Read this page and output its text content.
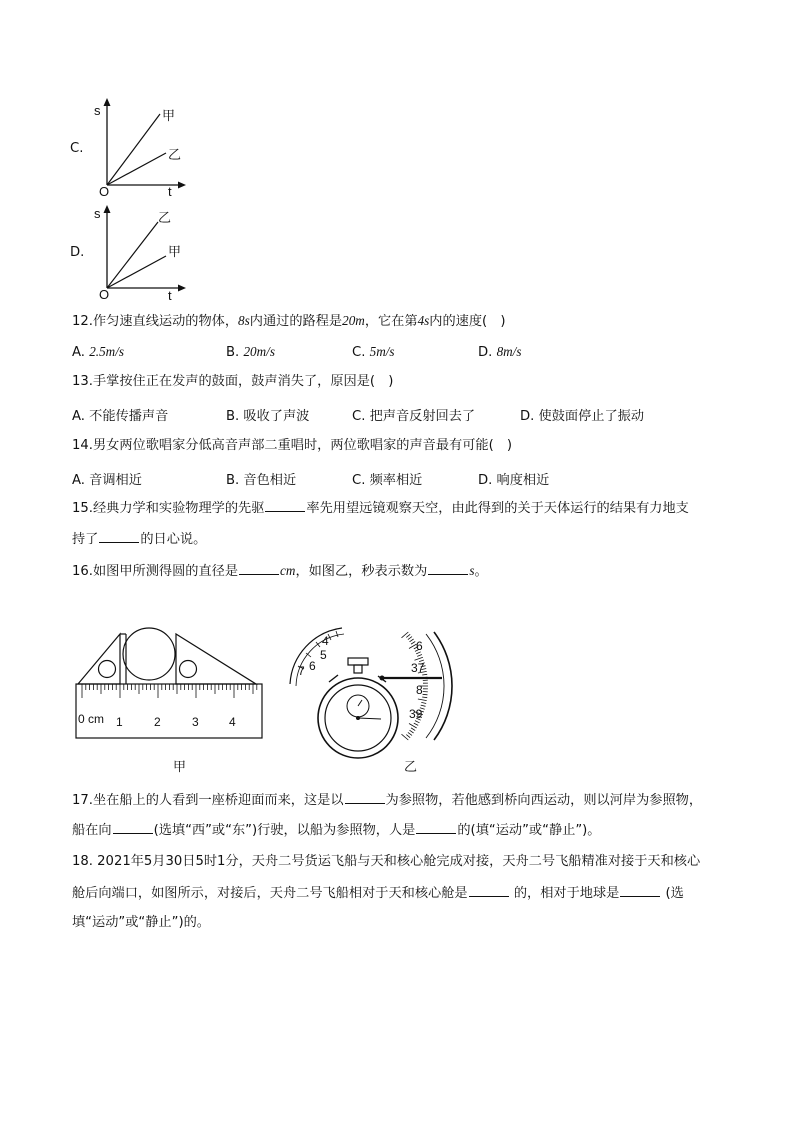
C.
s
t
O
甲
乙
D.
s
t
O
乙
甲
12.作匀速直线运动的物体，8s内通过的路程是20m，它在第4s内的速度(　)
A. 2.5m/s	B. 20m/s	C. 5m/s	D. 8m/s
13.手掌按住正在发声的鼓面，鼓声消失了，原因是(　)
A. 不能传播声音	B. 吸收了声波	C. 把声音反射回去了	D. 使鼓面停止了振动
14.男女两位歌唱家分低高音声部二重唱时，两位歌唱家的声音最有可能(　)
A. 音调相近	B. 音色相近	C. 频率相近	D. 响度相近
15.经典力学和实验物理学的先驱	率先用望远镜观察天空，由此得到的关于天体运行的结果有力地支
持了	的日心说。
16.如图甲所测得圆的直径是	cm，如图乙，秒表示数为	s。
0 cm 1	2	3	4
甲
4
5
6
7
6
37
8
39
乙
17.坐在船上的人看到一座桥迎面而来，这是以	为参照物，若他感到桥向西运动，则以河岸为参照物，
船在向	(选填“西”或“东”)行驶，以船为参照物，人是	的(填“运动”或“静止”)。
18. 2021年5月30日5时1分，天舟二号货运飞船与天和核心舱完成对接，天舟二号飞船精准对接于天和核心
舱后向端口，如图所示，对接后，天舟二号飞船相对于天和核心舱是	的，相对于地球是	(选
填“运动”或“静止”)的。
